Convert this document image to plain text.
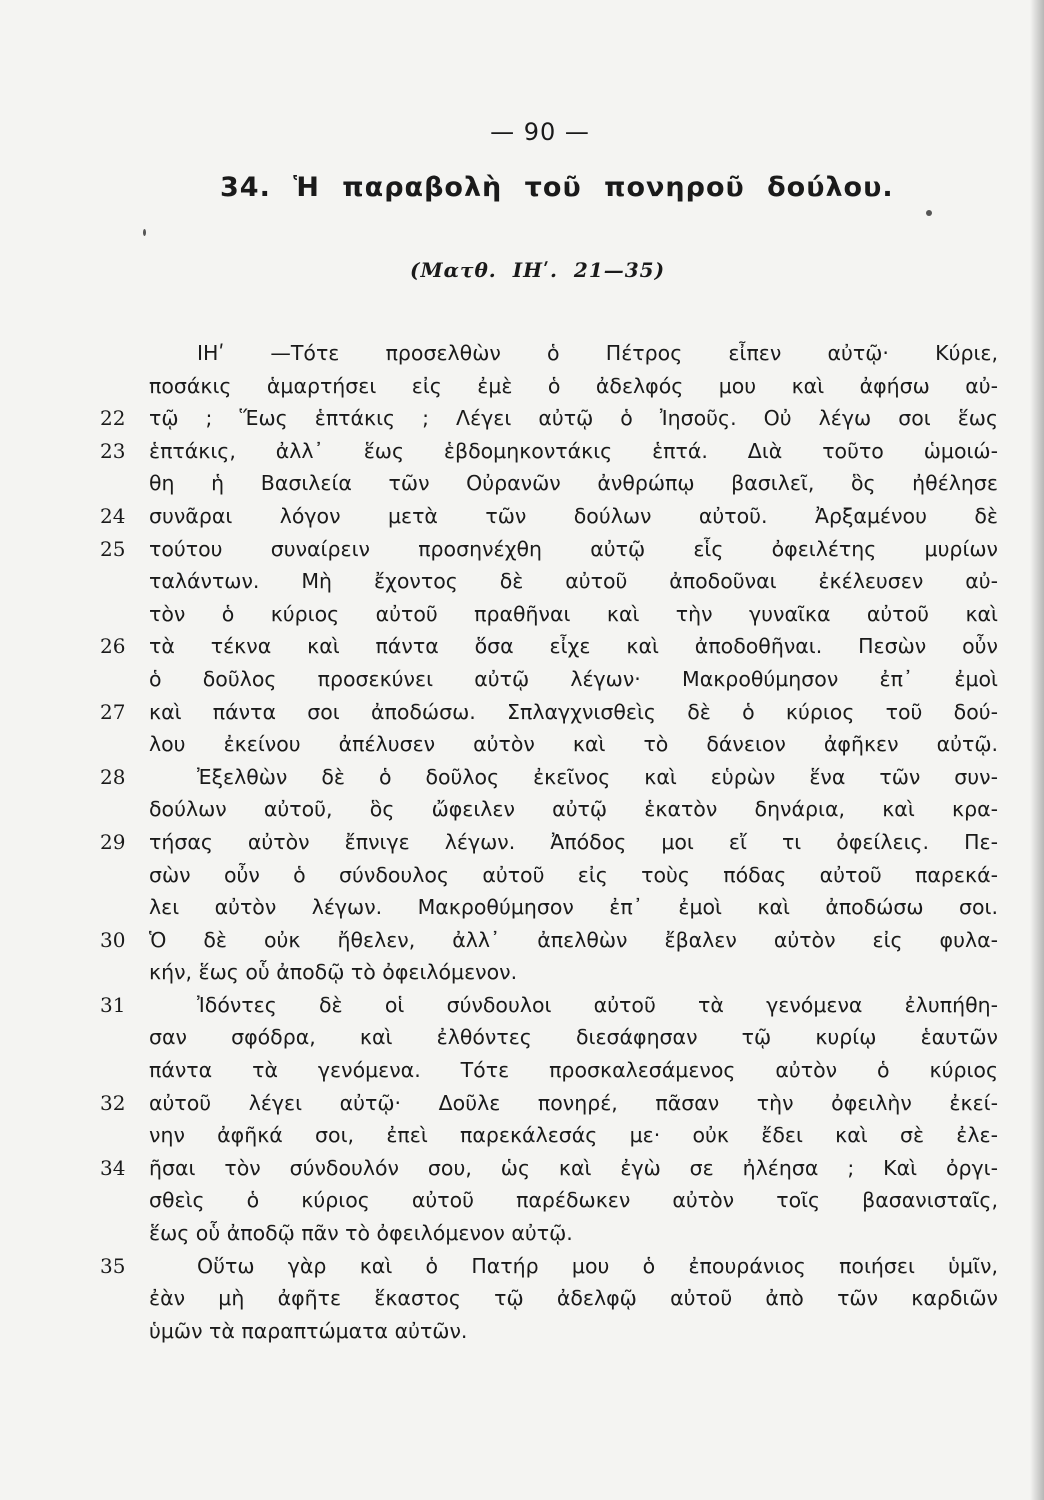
— 90 —
34. Ἡ παραβολὴ τοῦ πονηροῦ δούλου.
(Ματθ. ΙΗʹ. 21—35)
ΙΗʹ —Τότε προσελθὼν ὁ Πέτρος εἶπεν αὐτῷ· Κύριε,
ποσάκις ἁμαρτήσει εἰς ἐμὲ ὁ ἀδελφός μου καὶ ἀφήσω αὐ-
22	τῷ ; Ἕως ἑπτάκις ; Λέγει αὐτῷ ὁ Ἰησοῦς. Οὐ λέγω σοι ἕως
23	ἑπτάκις, ἀλλ᾽ ἕως ἑβδομηκοντάκις ἑπτά. Διὰ τοῦτο ὡμοιώ-
θη ἡ Βασιλεία τῶν Οὐρανῶν ἀνθρώπῳ βασιλεῖ, ὃς ἠθέλησε
24	συνᾶραι λόγον μετὰ τῶν δούλων αὐτοῦ. Ἀρξαμένου δὲ
25	τούτου συναίρειν προσηνέχθη αὐτῷ εἷς ὀφειλέτης μυρίων
ταλάντων. Μὴ ἔχοντος δὲ αὐτοῦ ἀποδοῦναι ἐκέλευσεν αὐ-
τὸν ὁ κύριος αὐτοῦ πραθῆναι καὶ τὴν γυναῖκα αὐτοῦ καὶ
26	τὰ τέκνα καὶ πάντα ὅσα εἶχε καὶ ἀποδοθῆναι. Πεσὼν οὖν
ὁ δοῦλος προσεκύνει αὐτῷ λέγων· Μακροθύμησον ἐπ᾽ ἐμοὶ
27	καὶ πάντα σοι ἀποδώσω. Σπλαγχνισθεὶς δὲ ὁ κύριος τοῦ δού-
λου ἐκείνου ἀπέλυσεν αὐτὸν καὶ τὸ δάνειον ἀφῆκεν αὐτῷ.
28	Ἐξελθὼν δὲ ὁ δοῦλος ἐκεῖνος καὶ εὑρὼν ἕνα τῶν συν-
δούλων αὐτοῦ, ὃς ὤφειλεν αὐτῷ ἑκατὸν δηνάρια, καὶ κρα-
29	τήσας αὐτὸν ἔπνιγε λέγων. Ἀπόδος μοι εἴ τι ὀφείλεις. Πε-
σὼν οὖν ὁ σύνδουλος αὐτοῦ εἰς τοὺς πόδας αὐτοῦ παρεκά-
λει αὐτὸν λέγων. Μακροθύμησον ἐπ᾽ ἐμοὶ καὶ ἀποδώσω σοι.
30	Ὁ δὲ οὐκ ἤθελεν, ἀλλ᾽ ἀπελθὼν ἔβαλεν αὐτὸν εἰς φυλα-
κήν, ἕως οὗ ἀποδῷ τὸ ὀφειλόμενον.
31	Ἰδόντες δὲ οἱ σύνδουλοι αὐτοῦ τὰ γενόμενα ἐλυπήθη-
σαν σφόδρα, καὶ ἐλθόντες διεσάφησαν τῷ κυρίῳ ἑαυτῶν
πάντα τὰ γενόμενα. Τότε προσκαλεσάμενος αὐτὸν ὁ κύριος
32	αὐτοῦ λέγει αὐτῷ· Δοῦλε πονηρέ, πᾶσαν τὴν ὀφειλὴν ἐκεί-
νην ἀφῆκά σοι, ἐπεὶ παρεκάλεσάς με· οὐκ ἔδει καὶ σὲ ἐλε-
34	ῆσαι τὸν σύνδουλόν σου, ὡς καὶ ἐγὼ σε ἠλέησα ; Καὶ ὀργι-
σθεὶς ὁ κύριος αὐτοῦ παρέδωκεν αὐτὸν τοῖς βασανισταῖς,
ἕως οὗ ἀποδῷ πᾶν τὸ ὀφειλόμενον αὐτῷ.
35	Οὕτω γὰρ καὶ ὁ Πατήρ μου ὁ ἐπουράνιος ποιήσει ὑμῖν,
ἐὰν μὴ ἀφῆτε ἕκαστος τῷ ἀδελφῷ αὐτοῦ ἀπὸ τῶν καρδιῶν
ὑμῶν τὰ παραπτώματα αὐτῶν.
